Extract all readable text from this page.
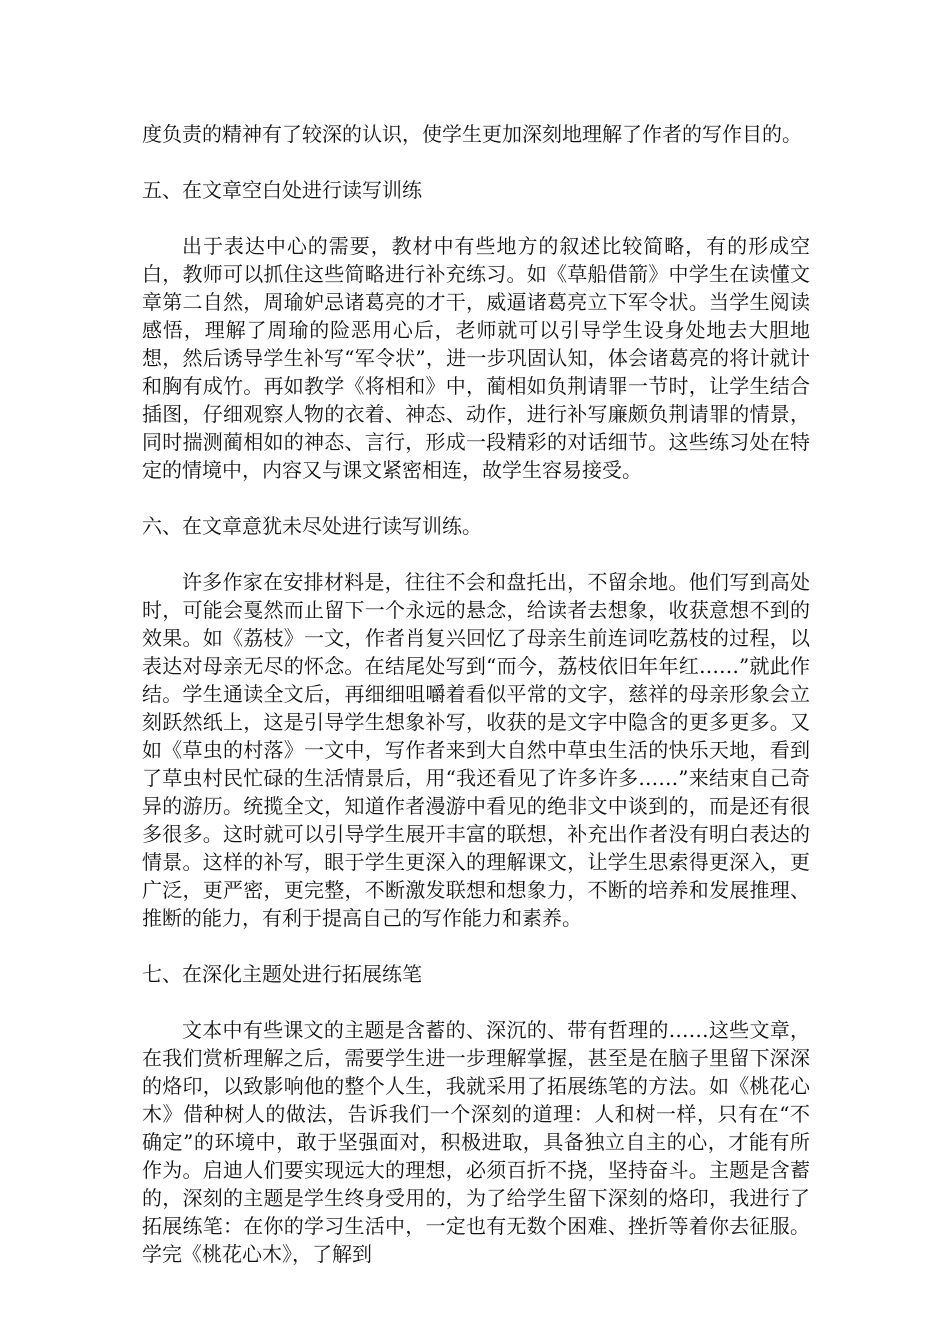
度负责的精神有了较深的认识，使学生更加深刻地理解了作者的写作目的。

五、在文章空白处进行读写训练

出于表达中心的需要，教材中有些地方的叙述比较简略，有的形成空白，教师可以抓住这些简略进行补充练习。如《草船借箭》中学生在读懂文章第二自然，周瑜妒忌诸葛亮的才干，威逼诸葛亮立下军令状。当学生阅读感悟，理解了周瑜的险恶用心后，老师就可以引导学生设身处地去大胆地想，然后诱导学生补写“军令状”，进一步巩固认知，体会诸葛亮的将计就计和胸有成竹。再如教学《将相和》中，蔺相如负荆请罪一节时，让学生结合插图，仔细观察人物的衣着、神态、动作，进行补写廉颇负荆请罪的情景，同时揣测蔺相如的神态、言行，形成一段精彩的对话细节。这些练习处在特定的情境中，内容又与课文紧密相连，故学生容易接受。

六、在文章意犹未尽处进行读写训练。

许多作家在安排材料是，往往不会和盘托出，不留余地。他们写到高处时，可能会戛然而止留下一个永远的悬念，给读者去想象，收获意想不到的效果。如《荔枝》一文，作者肖复兴回忆了母亲生前连词吃荔枝的过程，以表达对母亲无尽的怀念。在结尾处写到“而今，荔枝依旧年年红……”就此作结。学生通读全文后，再细细咀嚼着看似平常的文字，慈祥的母亲形象会立刻跃然纸上，这是引导学生想象补写，收获的是文字中隐含的更多更多。又如《草虫的村落》一文中，写作者来到大自然中草虫生活的快乐天地，看到了草虫村民忙碌的生活情景后，用“我还看见了许多许多……”来结束自己奇异的游历。统揽全文，知道作者漫游中看见的绝非文中谈到的，而是还有很多很多。这时就可以引导学生展开丰富的联想，补充出作者没有明白表达的情景。这样的补写，眼于学生更深入的理解课文，让学生思索得更深入，更广泛，更严密，更完整，不断激发联想和想象力，不断的培养和发展推理、推断的能力，有利于提高自己的写作能力和素养。

七、在深化主题处进行拓展练笔

文本中有些课文的主题是含蓄的、深沉的、带有哲理的……这些文章，在我们赏析理解之后，需要学生进一步理解掌握，甚至是在脑子里留下深深的烙印，以致影响他的整个人生，我就采用了拓展练笔的方法。如《桃花心木》借种树人的做法，告诉我们一个深刻的道理：人和树一样，只有在“不确定”的环境中，敢于坚强面对，积极进取，具备独立自主的心，才能有所作为。启迪人们要实现远大的理想，必须百折不挠，坚持奋斗。主题是含蓄的，深刻的主题是学生终身受用的，为了给学生留下深刻的烙印，我进行了拓展练笔：在你的学习生活中，一定也有无数个困难、挫折等着你去征服。学完《桃花心木》，了解到
